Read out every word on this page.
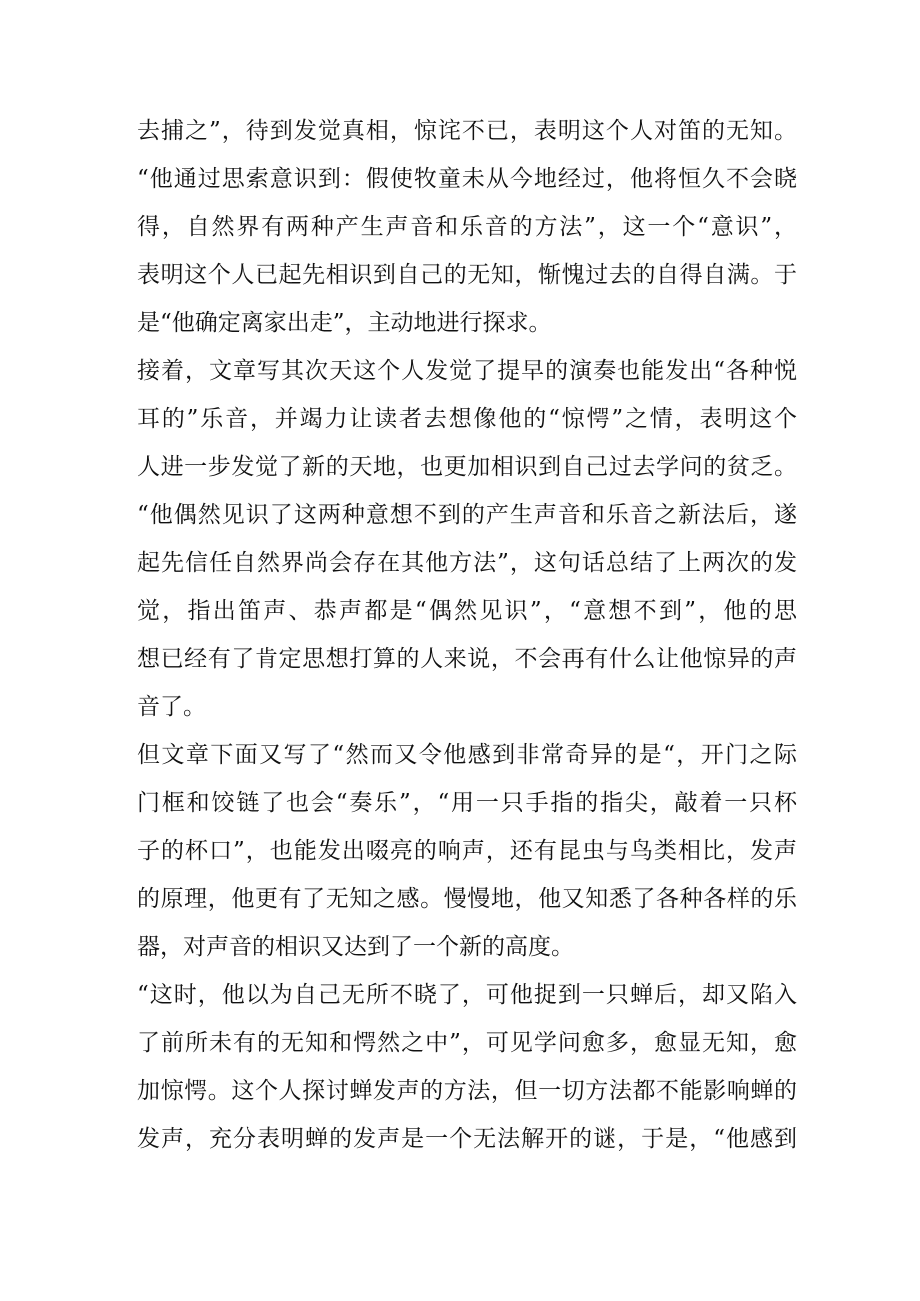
去捕之”，待到发觉真相，惊诧不已，表明这个人对笛的无知。
“他通过思索意识到：假使牧童未从今地经过，他将恒久不会晓
得，自然界有两种产生声音和乐音的方法”，这一个“意识”，
表明这个人已起先相识到自己的无知，惭愧过去的自得自满。于
是“他确定离家出走”，主动地进行探求。
接着，文章写其次天这个人发觉了提早的演奏也能发出“各种悦
耳的”乐音，并竭力让读者去想像他的“惊愕”之情，表明这个
人进一步发觉了新的天地，也更加相识到自己过去学问的贫乏。
“他偶然见识了这两种意想不到的产生声音和乐音之新法后，遂
起先信任自然界尚会存在其他方法”，这句话总结了上两次的发
觉，指出笛声、恭声都是“偶然见识”，“意想不到”，他的思
想已经有了肯定思想打算的人来说，不会再有什么让他惊异的声
音了。
但文章下面又写了“然而又令他感到非常奇异的是“，开门之际
门框和饺链了也会“奏乐”，“用一只手指的指尖，敲着一只杯
子的杯口”，也能发出啜亮的响声，还有昆虫与鸟类相比，发声
的原理，他更有了无知之感。慢慢地，他又知悉了各种各样的乐
器，对声音的相识又达到了一个新的高度。
“这时，他以为自己无所不晓了，可他捉到一只蝉后，却又陷入
了前所未有的无知和愕然之中”，可见学问愈多，愈显无知，愈
加惊愕。这个人探讨蝉发声的方法，但一切方法都不能影响蝉的
发声，充分表明蝉的发声是一个无法解开的谜，于是，“他感到
